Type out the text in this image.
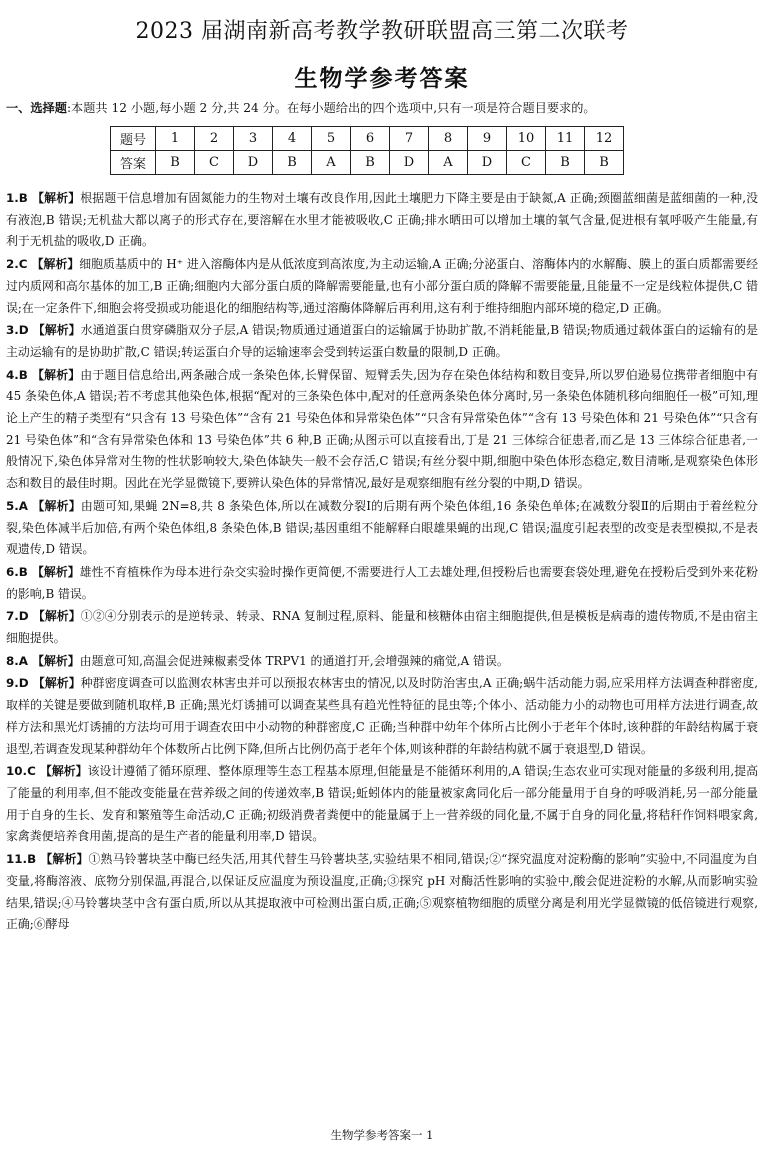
2023 届湖南新高考教学教研联盟高三第二次联考
生物学参考答案
一、选择题:本题共 12 小题,每小题 2 分,共 24 分。在每小题给出的四个选项中,只有一项是符合题目要求的。
题号	1	2	3	4	5	6	7	8	9	10	11	12
答案	B	C	D	B	A	B	D	A	D	C	B	B
1.B 【解析】根据题干信息增加有固氮能力的生物对土壤有改良作用,因此土壤肥力下降主要是由于缺氮,A 正确;颈圈蓝细菌是蓝细菌的一种,没有液泡,B 错误;无机盐大都以离子的形式存在,要溶解在水里才能被吸收,C 正确;排水晒田可以增加土壤的氧气含量,促进根有氧呼吸产生能量,有利于无机盐的吸收,D 正确。
2.C 【解析】细胞质基质中的 H⁺ 进入溶酶体内是从低浓度到高浓度,为主动运输,A 正确;分泌蛋白、溶酶体内的水解酶、膜上的蛋白质都需要经过内质网和高尔基体的加工,B 正确;细胞内大部分蛋白质的降解需要能量,也有小部分蛋白质的降解不需要能量,且能量不一定是线粒体提供,C 错误;在一定条件下,细胞会将受损或功能退化的细胞结构等,通过溶酶体降解后再利用,这有利于维持细胞内部环境的稳定,D 正确。
3.D 【解析】水通道蛋白贯穿磷脂双分子层,A 错误;物质通过通道蛋白的运输属于协助扩散,不消耗能量,B 错误;物质通过载体蛋白的运输有的是主动运输有的是协助扩散,C 错误;转运蛋白介导的运输速率会受到转运蛋白数量的限制,D 正确。
4.B 【解析】由于题目信息给出,两条融合成一条染色体,长臂保留、短臂丢失,因为存在染色体结构和数目变异,所以罗伯逊易位携带者细胞中有 45 条染色体,A 错误;若不考虑其他染色体,根据“配对的三条染色体中,配对的任意两条染色体分离时,另一条染色体随机移向细胞任一极”可知,理论上产生的精子类型有“只含有 13 号染色体”“含有 21 号染色体和异常染色体”“只含有异常染色体”“含有 13 号染色体和 21 号染色体”“只含有 21 号染色体”和“含有异常染色体和 13 号染色体”共 6 种,B 正确;从图示可以直接看出,丁是 21 三体综合征患者,而乙是 13 三体综合征患者,一般情况下,染色体异常对生物的性状影响较大,染色体缺失一般不会存活,C 错误;有丝分裂中期,细胞中染色体形态稳定,数目清晰,是观察染色体形态和数目的最佳时期。因此在光学显微镜下,要辨认染色体的异常情况,最好是观察细胞有丝分裂的中期,D 错误。
5.A 【解析】由题可知,果蝇 2N=8,共 8 条染色体,所以在减数分裂Ⅰ的后期有两个染色体组,16 条染色单体;在减数分裂Ⅱ的后期由于着丝粒分裂,染色体减半后加倍,有两个染色体组,8 条染色体,B 错误;基因重组不能解释白眼雄果蝇的出现,C 错误;温度引起表型的改变是表型模拟,不是表观遗传,D 错误。
6.B 【解析】雄性不育植株作为母本进行杂交实验时操作更简便,不需要进行人工去雄处理,但授粉后也需要套袋处理,避免在授粉后受到外来花粉的影响,B 错误。
7.D 【解析】①②④分别表示的是逆转录、转录、RNA 复制过程,原料、能量和核糖体由宿主细胞提供,但是模板是病毒的遗传物质,不是由宿主细胞提供。
8.A 【解析】由题意可知,高温会促进辣椒素受体 TRPV1 的通道打开,会增强辣的痛觉,A 错误。
9.D 【解析】种群密度调查可以监测农林害虫并可以预报农林害虫的情况,以及时防治害虫,A 正确;蜗牛活动能力弱,应采用样方法调查种群密度,取样的关键是要做到随机取样,B 正确;黑光灯诱捕可以调查某些具有趋光性特征的昆虫等;个体小、活动能力小的动物也可用样方法进行调查,故样方法和黑光灯诱捕的方法均可用于调查农田中小动物的种群密度,C 正确;当种群中幼年个体所占比例小于老年个体时,该种群的年龄结构属于衰退型,若调查发现某种群幼年个体数所占比例下降,但所占比例仍高于老年个体,则该种群的年龄结构就不属于衰退型,D 错误。
10.C 【解析】该设计遵循了循环原理、整体原理等生态工程基本原理,但能量是不能循环利用的,A 错误;生态农业可实现对能量的多级利用,提高了能量的利用率,但不能改变能量在营养级之间的传递效率,B 错误;蚯蚓体内的能量被家禽同化后一部分能量用于自身的呼吸消耗,另一部分能量用于自身的生长、发育和繁殖等生命活动,C 正确;初级消费者粪便中的能量属于上一营养级的同化量,不属于自身的同化量,将秸秆作饲料喂家禽,家禽粪便培养食用菌,提高的是生产者的能量利用率,D 错误。
11.B 【解析】①熟马铃薯块茎中酶已经失活,用其代替生马铃薯块茎,实验结果不相同,错误;②“探究温度对淀粉酶的影响”实验中,不同温度为自变量,将酶溶液、底物分别保温,再混合,以保证反应温度为预设温度,正确;③探究 pH 对酶活性影响的实验中,酸会促进淀粉的水解,从而影响实验结果,错误;④马铃薯块茎中含有蛋白质,所以从其提取液中可检测出蛋白质,正确;⑤观察植物细胞的质壁分离是利用光学显微镜的低倍镜进行观察,正确;⑥酵母
生物学参考答案一 1
